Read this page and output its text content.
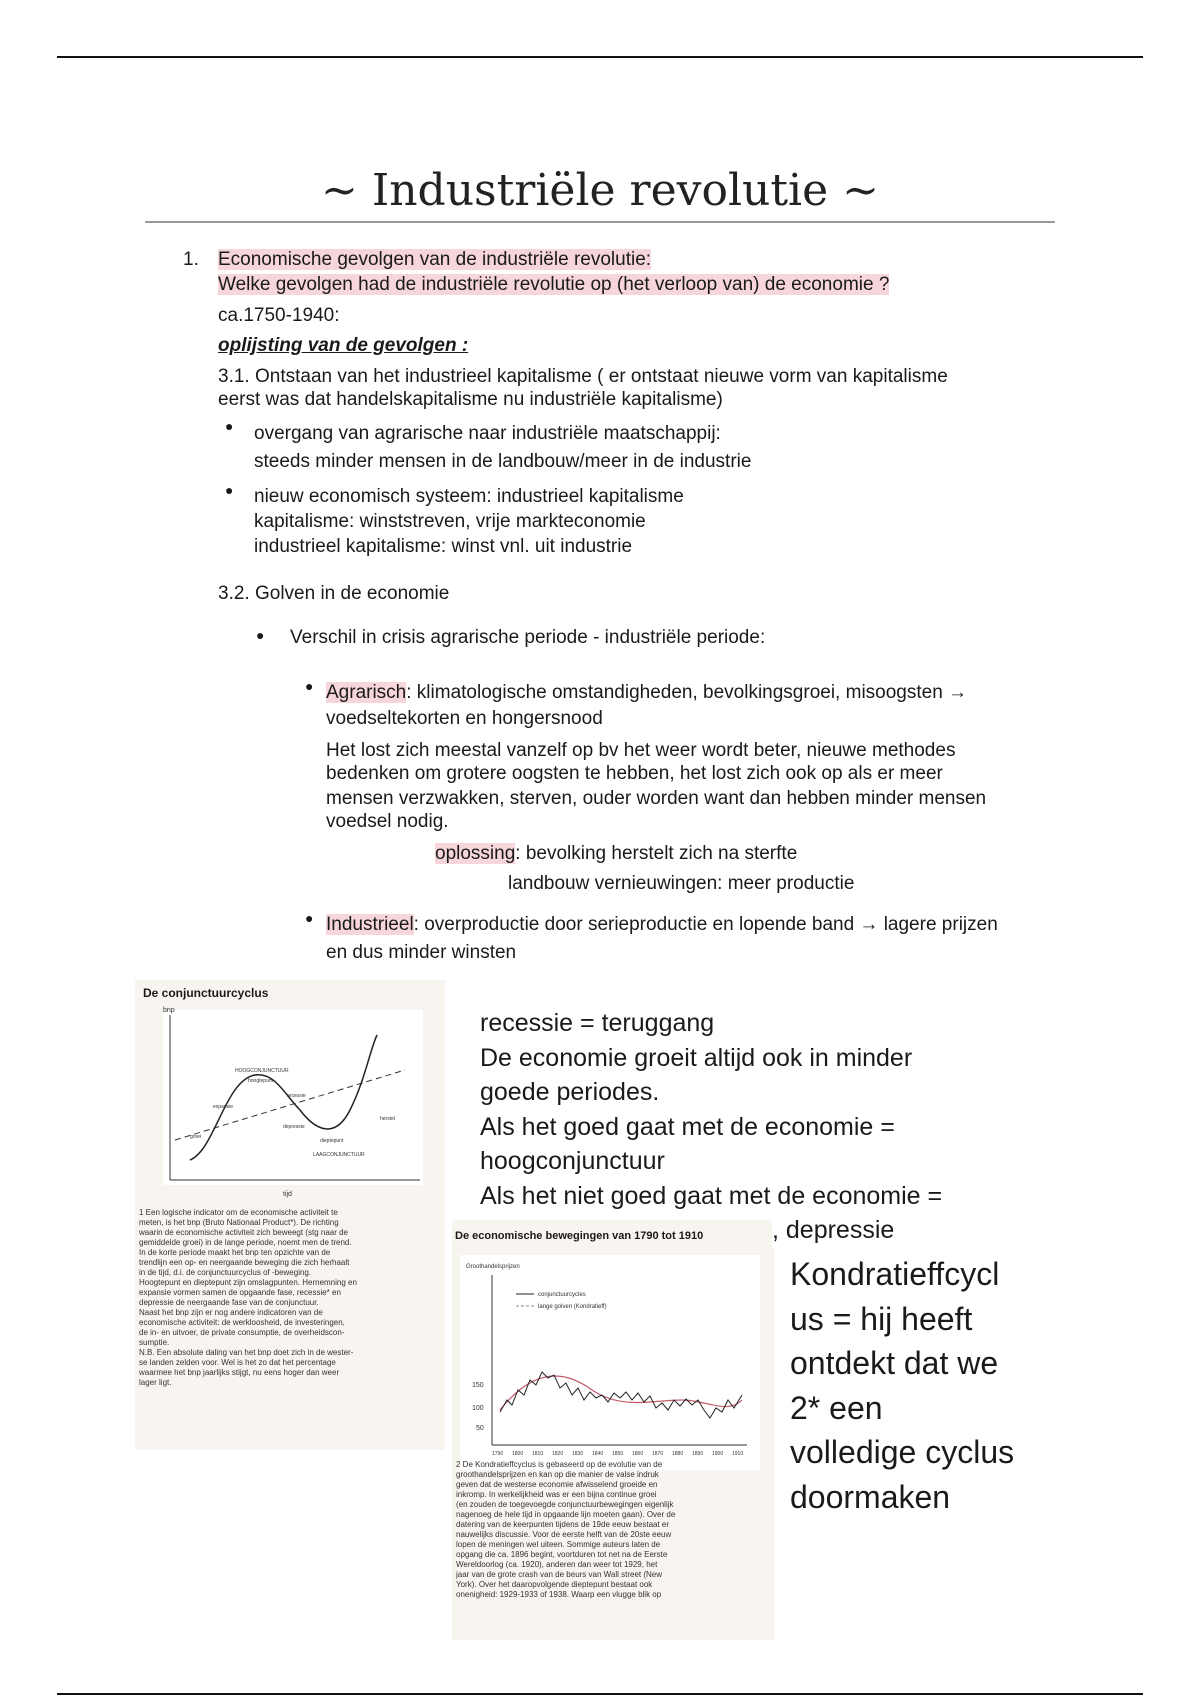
~ Industriële revolutie ~
1. Economische gevolgen van de industriële revolutie:
Welke gevolgen had de industriële revolutie op (het verloop van) de economie ?
ca.1750-1940:
oplijsting van de gevolgen :
3.1. Ontstaan van het industrieel kapitalisme ( er ontstaat nieuwe vorm van kapitalisme
eerst was dat handelskapitalisme nu industriële kapitalisme)
● overgang van agrarische naar industriële maatschappij:
steeds minder mensen in de landbouw/meer in de industrie
● nieuw economisch systeem: industrieel kapitalisme
kapitalisme: winststreven, vrije markteconomie
industrieel kapitalisme: winst vnl. uit industrie
3.2. Golven in de economie
● Verschil in crisis agrarische periode - industriële periode:
● Agrarisch: klimatologische omstandigheden, bevolkingsgroei, misoogsten →
voedseltekorten en hongersnood
Het lost zich meestal vanzelf op bv het weer wordt beter, nieuwe methodes
bedenken om grotere oogsten te hebben, het lost zich ook op als er meer
mensen verzwakken, sterven, ouder worden want dan hebben minder mensen
voedsel nodig.
oplossing: bevolking herstelt zich na sterfte
landbouw vernieuwingen: meer productie
● Industrieel: overproductie door serieproductie en lopende band → lagere prijzen
en dus minder winsten
De conjunctuurcyclus
bnp
tijd
HOOGCONJUNCTUUR
hoogtepunt
recessie
expansie
groei
depressie
herstel
dieptepunt
LAAGCONJUNCTUUR
1 Een logische indicator om de economische activiteit te
meten, is het bnp (Bruto Nationaal Product*). De richting
waarin de economische activiteit zich beweegt (stg naar de
gemiddelde groei) in de lange periode, noemt men de trend.
In de korte periode maakt het bnp ten opzichte van de
trendlijn een op- en neergaande beweging die zich herhaalt
in de tijd, d.i. de conjunctuurcyclus of -beweging.
Hoogtepunt en dieptepunt zijn omslagpunten. Hernemning en
expansie vormen samen de opgaande fase, recessie* en
depressie de neergaande fase van de conjunctuur.
Naast het bnp zijn er nog andere indicatoren van de
economische activiteit: de werkloosheid, de investeringen,
de in- en uitvoer, de private consumptie, de overheidscon-
sumptie.
N.B. Een absolute daling van het bnp doet zich in de wester-
se landen zelden voor. Wel is het zo dat het percentage
waarmee het bnp jaarlijks stijgt, nu eens hoger dan weer
lager ligt.
recessie = teruggang
De economie groeit altijd ook in minder
goede periodes.
Als het goed gaat met de economie =
hoogconjunctuur
Als het niet goed gaat met de economie =
De economische bewegingen van 1790 tot 1910
Groothandelsprijzen
conjunctuurcycles
lange golven (Kondratieff)
150
100
50
1790 1800 1810 1820 1830 1840 1850 1860 1870 1880 1890 1900 1910
2 De Kondratieffcyclus is gebaseerd op de evolutie van de
groothandelsprijzen en kan op die manier de valse indruk
geven dat de westerse economie afwisselend groeide en
inkromp. In werkelijkheid was er een bijna continue groei
(en zouden de toegevoegde conjunctuurbewegingen eigenlijk
nagenoeg de hele tijd in opgaande lijn moeten gaan). Over de
datering van de keerpunten tijdens de 19de eeuw bestaat er
nauwelijks discussie. Voor de eerste helft van de 20ste eeuw
lopen de meningen wel uiteen. Sommige auteurs laten de
opgang die ca. 1896 begint, voortduren tot net na de Eerste
Wereldoorlog (ca. 1920), anderen dan weer tot 1929, het
jaar van de grote crash van de beurs van Wall street (New
York). Over het daaropvolgende dieptepunt bestaat ook
onenigheid: 1929-1933 of 1938. Waarp een vlugge blik op
, depressie
Kondratieffcycl
us = hij heeft
ontdekt dat we
2* een
volledige cyclus
doormaken
